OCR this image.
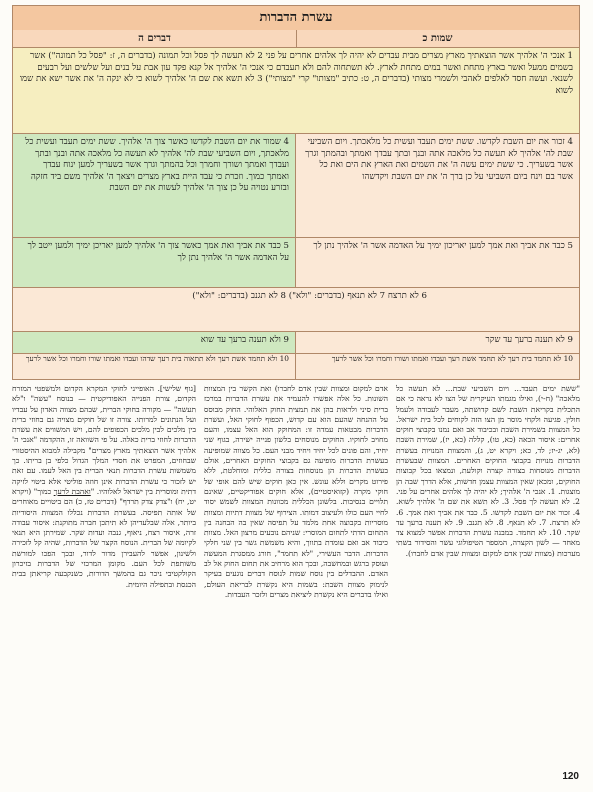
עשרת הדברות
שמות כ
דברים ה
1 אנכי ה' אלהיך אשר הוצאתיך מארץ מצרים מבית עבדים לא יהיה לך אלהים אחרים על פני 2 לא תעשה לך פסל וכל תמונה (בדברים ה, ז: "פסל כל תמונה") אשר בשמים ממעל ואשר בארץ מתחת ואשר במים מתחת לארץ. לא תשתחוה להם ולא תעבדם כי אנכי ה' אלהיך אל קנא פקד עון אבת על בנים ועל שלשים ועל רבעים לשנאי. ועשה חסד לאלפים לאהבי ולשמרי מצותי (בדברים ה, ט: כתיב "מצותו" קרי "מצותי") 3 לא תשא את שם ה' אלהיך לשוא כי לא ינקה ה' את אשר ישא את שמו לשוא
4 זכור את יום השבת לקדשו. ששת ימים תעבד ועשית כל מלאכתך. ויום השביעי שבת לה' אלהיך לא תעשה כל מלאכה אתה ובנך ובתך עבדך ואמתך ובהמתך וגרך אשר בשעריך. כי ששת ימים עשה ה' את השמים ואת הארץ את הים ואת כל אשר בם וינח ביום השביעי על כן ברך ה' את יום השבת ויקדשהו
4 שמור את יום השבת לקדשו כאשר צוך ה' אלהיך. ששת ימים תעבד ועשית כל מלאכתך, ויום השביעי שבת לה' אלהיך לא תעשה כל מלאכה אתה ובנך ובתך ועבדך ואמתך ושורך וחמרך וכל בהמתך וגרך אשר בשעריך למען ינוח עבדך ואמתך כמוך. וזכרת כי עבד היית בארץ מצרים ויצאך ה' אלהיך משם ביד חזקה ובזרע נטויה על כן צוך ה' אלהיך לעשות את יום השבת
5 כבד את אביך ואת אמך למען יאריכון ימיך על האדמה אשר ה' אלהיך נתן לך
5 כבד את אביך ואת אמך כאשר צוך ה' אלהיך למען יאריכן ימיך ולמען ייטב לך על האדמה אשר ה' אלהיך נתן לך
6 לא תרצח 7 לא תנאף (בדברים: "ולא") 8 לא תגנב (בדברים: "ולא")
9 לא תענה ברעך עד שקר
9 ולא תענה ברעך עד שוא
10 לא תחמד בית רעך לא תחמד אשת רעך ועבדו ואמתו ושורו וחמרו וכל אשר לרעך
10 ולא תחמד אשת רעך ולא תתאוה בית רעך שדהו ועבדו ואמתו שורו וחמרו וכל אשר לרעך
"ששת ימים תעבד... ויום השביעי שבת... לא תעשה כל מלאכה" (ח-י), ואילו מגמתו העיקרית של הצו לא נראה כי אם התכלית בקריאת השבת לשם קדושתה, מעבר לעבודה ולעמל חולין. פגיעה ולקחי מוסר מן הצו הזה לקוחים לכל בית ישראל. כל המצוות בשמירת השבת ובכיבוד אב ואם נמנו בקבוצי חוקים אחרים: איסור הכאה (כא, טו), קללה (כא, יז), שמירת השבת (לא, יג-יז; לד, כא; ויקרא יט, ג), והמצוות המנויות בעשרת הדברות מנויות בקבוצי החוקים האחרים. המצוות שבעשרת הדברות מנוסחות בצורה קצרה וקולעת, ונמצאו בכל קבוצות החוקים, ומכאן שאין המצוות עצמן חדשות, אלא הדרך שבה הן מוצגות. 1. אנכי ה' אלהיך; לא יהיה לך אלהים אחרים על פני. 2. לא תעשה לך פסל. 3. לא תשא את שם ה' אלהיך לשוא. 4. זכור את יום השבת לקדשו. 5. כבד את אביך ואת אמך. 6. לא תרצח. 7. לא תנאף. 8. לא תגנב. 9. לא תענה ברעך עד שקר. 10. לא תחמד. במבנה עשרת הדברות אפשר למצוא צד מאחד — לשון הקצרה, המספר הטיפולוגי עשר והסידור בשתי מערכות (מצוות שבין אדם למקום ומצוות שבין אדם לחברו).
אדם למקום ומצוות שבין אדם לחברו) ואת הקשר בין המצוות השונות. כל אלה אפשרו להעמיד את עשרת הדברות במרכז ברית סיני ולראות בהן את תמצית החוק האלוהי. החוק מבוסס על ההנחה שהעם הוא עם קדוש, הכפוף לחוקי האל, ועשרת הדברות מבטאות עמדה זו: המחוקק הוא האל עצמו, והעם מחויב לחוקיו. החוקים מנוסחים בלשון פנייה ישירה, בגוף שני יחיד, והם פונים לכל יחיד ויחיד מבני העם. כל מצווה שמופיעה בעשרת הדברות מופיעה גם בקבוצי החוקים האחרים, אולם בעשרת הדברות הן מנוסחות בצורה כללית ומוחלטת, ללא פירוט מקרים וללא עונש. אין כאן חוקים שיש להם אופי של חוקי מקרה (קזואיסטיים), אלא חוקים אפודיקטיים, שאינם תלויים בנסיבות. בלשונן הכללית מכוונות המצוות לשמש יסוד לחיי העם כולו ולעיצוב דמותו. הצירוף של מצוות דתיות ומצוות מוסריות בקבוצה אחת מלמד על תפיסה שאין בה הבחנה בין התחום הדתי לתחום המוסרי: שניהם נובעים מרצון האל. מצוות כיבוד אב ואם עומדת בתווך, והיא משמשת גשר בין שני חלקי הדברות. הדבר העשירי, "לא תחמד", חורג ממסגרת המעשה ועוסק ברגש ובמחשבה, ובכך הוא מרחיב את תחום החוק אל לב האדם. ההבדלים בין נוסח שמות לנוסח דברים נוגעים בעיקר לנימוק מצוות השבת: בשמות היא נקשרת לבריאת העולם, ואילו בדברים היא נקשרת ליציאת מצרים ולזכר העבדות.
[גוף שלישי]. האופייני לחוקי המקרא הקדום ולמשפטי המזרח הקדום, צורת הפנייה האפודיקטית — בנוסח "עשה" ו"לא תעשה" — מקורה בחוקי הברית, שבהם מצווה האדון על עבדיו ועל הנתונים למרותו. צורה זו של חוקים מצויה גם בחוזי ברית בין מלכים לבין מלכים הכפופים להם, ויש המשווים את עשרת הדברות לחוזי ברית כאלה. על פי השוואה זו, ההקדמה "אנכי ה' אלהיך אשר הוצאתיך מארץ מצרים" מקבילה למבוא ההיסטורי שבחוזים, המפרט את חסדי המלך הגדול כלפי בן בריתו. כך משמשות עשרת הדברות תנאי הברית בין האל לעמו. עם זאת יש לזכור כי עשרת הדברות אינן חוזה פוליטי אלא ביטוי לזיקה דתית ומוסרית בין ישראל לאלוהיו. "ואהבת לרעך כמוך" (ויקרא יט, יח) ו"צדק צדק תרדף" (דברים טז, כ) הם ביטויים מאוחרים של אותה תפיסה. בעשרת הדברות נכללו המצוות היסודיות ביותר, אלה שבלעדיהן לא תיתכן חברה מתוקנת: איסור עבודה זרה, איסור רצח, ניאוף, גנבה ועדות שקר. שמירתן היא תנאי לקיומה של הברית. הנוסח הקצר של הדברות, שהיה קל לזכירה ולשינון, אפשר להעבירן מדור לדור, ובכך הפכו למורשת משותפת לכל העם. מקומן המרכזי של הדברות בזיכרון הקולקטיבי ניכר גם בהמשך הדורות, כשנקבעה קריאתן בבית הכנסת ובתפילה היומית.
120
